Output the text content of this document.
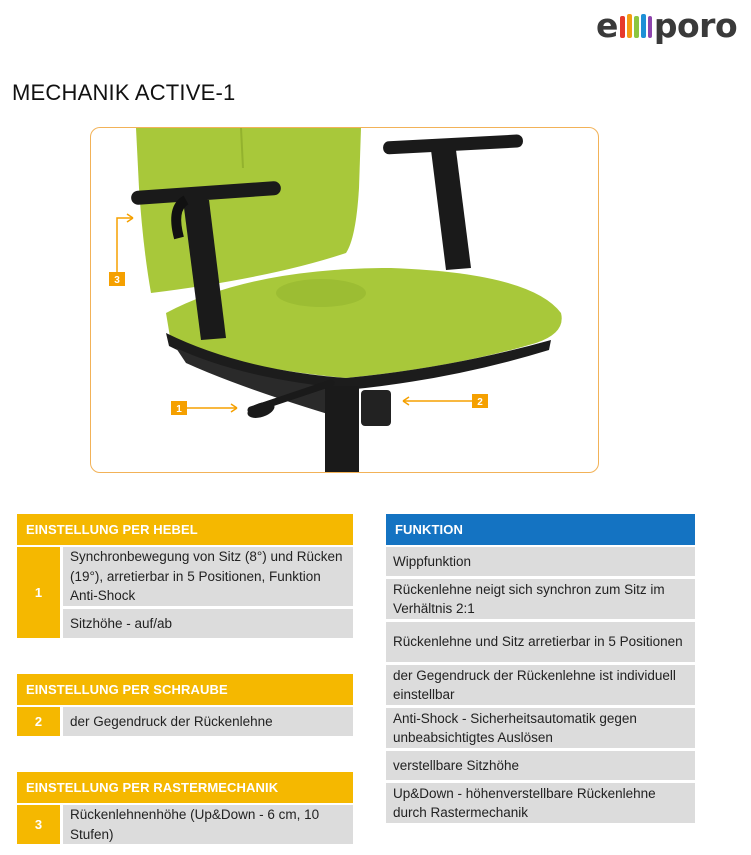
e poro
MECHANIK ACTIVE-1
3
1
2
EINSTELLUNG PER HEBEL
1
Synchronbewegung von Sitz (8°) und Rücken (19°), arretierbar in 5 Positionen, Funktion Anti-Shock
Sitzhöhe - auf/ab
EINSTELLUNG PER SCHRAUBE
2	der Gegendruck der Rückenlehne
EINSTELLUNG PER RASTERMECHANIK
3
Rückenlehnenhöhe (Up&Down - 6 cm, 10 Stufen)
FUNKTION
Wippfunktion
Rückenlehne neigt sich synchron zum Sitz im Verhältnis 2:1
Rückenlehne und Sitz arretierbar in 5 Positionen
der Gegendruck der Rückenlehne ist individuell einstellbar
Anti-Shock - Sicherheitsautomatik gegen unbeabsichtigtes Auslösen
verstellbare Sitzhöhe
Up&Down - höhenverstellbare Rückenlehne durch Rastermechanik
